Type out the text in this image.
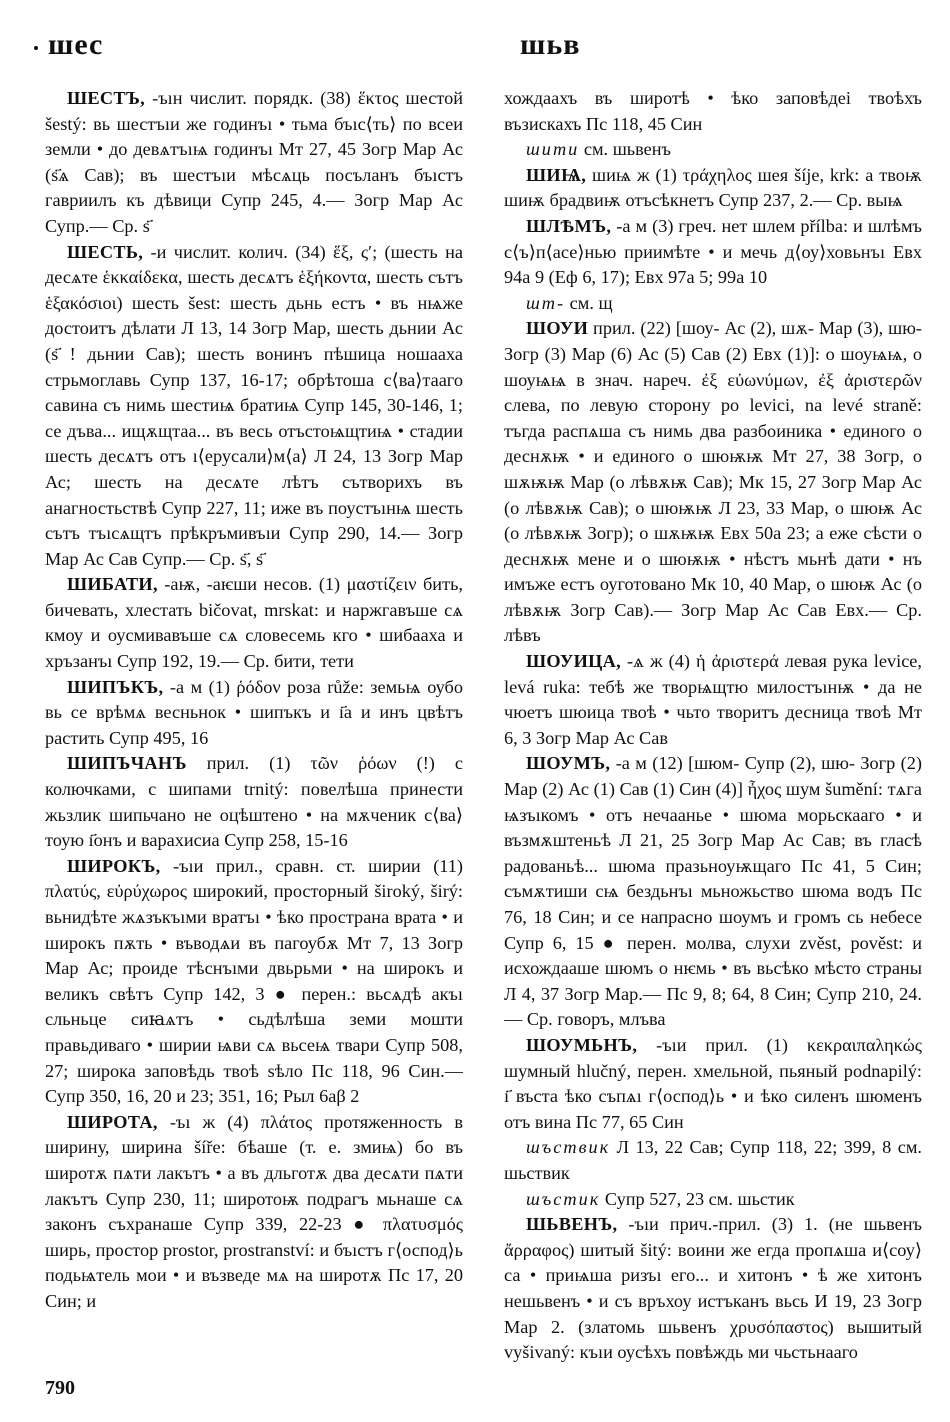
шес	шьв

ШЕСТЪ, -ъıн числит. порядк. (38) ἕκτος шестой šestý: вь шестъıи же годинъı • тьма бъıс⟨ть⟩ по всеи земли • до девѧтъıѩ годинъı Мт 27, 45 Зогр Мар Ас (ѕ҃ѧ Сав); въ шестъıи мѣсѧць посъланъ бъıстъ гавриилъ къ дѣвици Супр 245, 4.— Зогр Мар Ас Супр.— Ср. ѕ҃

ШЕСТЬ, -и числит. колич. (34) ἕξ, ς′; (шесть на десѧте ἑκκαίδεκα, шесть десѧтъ ἑξήκοντα, шесть сътъ ἑξακόσιοι) шесть šest: шесть дьнь естъ • въ нѩже достоитъ дѣлати Л 13, 14 Зогр Мар, шесть дьнии Ас (ѕ҃ ! дьнии Сав); шесть вонинъ пѣшица ношааха стрьмоглавь Супр 137, 16-17; обрѣтоша с⟨ва⟩тааго савина съ нимь шестиѩ братиѩ Супр 145, 30-146, 1; се дъва... ищѫщтаа... въ весь отъстоѩщтиѩ • стадии шесть десѧтъ отъ ı⟨ерусали⟩м⟨а⟩ Л 24, 13 Зогр Мар Ас; шесть на десѧте лѣтъ сътворихъ въ анагностьствѣ Супр 227, 11; иже въ поустъıнѩ шесть сътъ тъıсѧщтъ прѣкръмивъıи Супр 290, 14.— Зогр Мар Ас Сав Супр.— Ср. ѕ҃, ѕ҃

ШИБАТИ, -аѭ, -аѥши несов. (1) μαστίζειν бить, бичевать, хлестать bičovat, mrskat: и наржгавъше сѧ кмоу и оусмивавъше сѧ словесемь кго • шибааха и хръзанъı Супр 192, 19.— Ср. бити, тети

ШИПЪКЪ, -а м (1) ῥόδον роза růže: земьѩ оубо вь се врѣмѧ весньнок • шипъкъ и ı҃а и инъ цвѣтъ растить Супр 495, 16

ШИПЪЧАНЪ прил. (1) τῶν ῥόων (!) с колючками, с шипами trnitý: повелѣша принести жьзлик шипьчано не оцѣштено • на мѫченик с⟨ва⟩тоую ı҃онъ и варахисиа Супр 258, 15-16

ШИРОКЪ, -ъıи прил., сравн. ст. ширии (11) πλατύς, εὐρύχωρος широкий, просторный široký, širý: вьнидѣте жѧзъкъıми вратъı • ѣко пространа врата • и широкъ пѫть • въводѧи въ пагоубѫ Мт 7, 13 Зогр Мар Ас; проиде тѣснъıми двьрьми • на широкъ и великъ свѣтъ Супр 142, 3 ● перен.: вьсѧдѣ акъı сльньце сиꙗѧтъ • сьдѣлѣша земи мошти правьдиваго • ширии ѩви сѧ вьсеѩ твари Супр 508, 27; широка заповѣдь твоѣ ѕѣло Пс 118, 96 Син.— Супр 350, 16, 20 и 23; 351, 16; Рыл 6аβ 2

ШИРОТА, -ъı ж (4) πλάτος протяженность в ширину, ширина šíře: бѣаше (т. е. змиѩ) бо въ широтѫ пѧти лакътъ • а въ дльготѫ два десѧти пѧти лакътъ Супр 230, 11; широтоѭ подрагъ мьнаше сѧ законъ съхранаше Супр 339, 22-23 ● πλατυσμός ширь, простор prostor, prostranství: и бъıстъ г⟨оспод⟩ь подьѩтель мои • и възведе мѧ на широтѫ Пс 17, 20 Син; и

хождаахъ въ широтѣ • ѣко заповѣдеi твоѣхъ възискахъ Пс 118, 45 Син

шити см. шьвенъ

ШИѨ, шиѩ ж (1) τράχηλος шея šíje, krk: а твоѭ шиѭ брадвиѭ отъсѣкнетъ Супр 237, 2.— Ср. выѩ

ШЛѢМЪ, -а м (3) греч. нет шлем přílba: и шлѣмъ с⟨ъ⟩п⟨асе⟩нью приимѣте • и мечь д⟨оу⟩ховьнъı Евх 94а 9 (Еф 6, 17); Евх 97а 5; 99а 10

шт- см. щ

ШОУИ прил. (22) [шоу- Ас (2), шѫ- Мар (3), шю- Зогр (3) Мар (6) Ас (5) Сав (2) Евх (1)]: о шоуѩѩ, о шоуѩѩ в знач. нареч. ἐξ εὐωνύμων, ἐξ ἀριστερῶν слева, по левую сторону po levici, na levé straně: тъгда распѧша съ нимь два разбоиника • единого о деснѫѭ • и единого о шюѭѭ Мт 27, 38 Зогр, о шѫѭѭ Мар (о лѣвѫѭ Сав); Мк 15, 27 Зогр Мар Ас (о лѣвѫѭ Сав); о шюѭѭ Л 23, 33 Мар, о шюѭ Ас (о лѣвѫѭ Зогр); о шѫѭѭ Евх 50а 23; а еже сѣсти о деснѫѭ мене и о шюѭѭ • нѣстъ мьнѣ дати • нъ имъже естъ оуготовано Мк 10, 40 Мар, о шюѭ Ас (о лѣвѫѭ Зогр Сав).— Зогр Мар Ас Сав Евх.— Ср. лѣвъ

ШОУИЦА, -ѧ ж (4) ἡ ἀριστερά левая рука levice, levá ruka: тебѣ же творѩщтю милостъıнѭ • да не чюетъ шюица твоѣ • чьто творитъ десница твоѣ Мт 6, 3 Зогр Мар Ас Сав

ШОУМЪ, -а м (12) [шюм- Супр (2), шю- Зогр (2) Мар (2) Ас (1) Сав (1) Син (4)] ἦχος шум šumění: тѧга ѩзъıкомъ • отъ нечаанье • шюма морьскааго • и възмѫштеньѣ Л 21, 25 Зогр Мар Ас Сав; въ гласѣ радованьѣ... шюма празьноуѭщаго Пс 41, 5 Син; съмѫтиши сѩ бездьнъı мьножьство шюма водъ Пс 76, 18 Син; и се напрасно шоумъ и громъ сь небесе Супр 6, 15 ● перен. молва, слухи zvěst, pověst: и исхождааше шюмъ о нѥмь • въ вьсѣко мѣсто страны Л 4, 37 Зогр Мар.— Пс 9, 8; 64, 8 Син; Супр 210, 24.— Ср. говоръ, млъва

ШОУМЬНЪ, -ъıи прил. (1) κεκραιπαληκώς шумный hlučný, перен. хмельной, пьяный podnapilý: ı҃ въста ѣко съпѧı г⟨оспод⟩ь • и ѣко силенъ шюменъ отъ вина Пс 77, 65 Син

шъствик Л 13, 22 Сав; Супр 118, 22; 399, 8 см. шьствик

шъстик Супр 527, 23 см. шьстик

ШЬВЕНЪ, -ъıи прич.-прил. (3) 1. (не шьвенъ ἄρραφος) шитый šitý: воини же егда пропѧша и⟨соу⟩са • приѩша ризъı его... и хитонъ • ѣ же хитонъ нешьвенъ • и съ връхоу истъканъ вьсь И 19, 23 Зогр Мар 2. (златомь шьвенъ χρυσόπαστος) вышитый vyšivaný: къıи оусѣхъ повѣждь ми чьстьнааго

790
